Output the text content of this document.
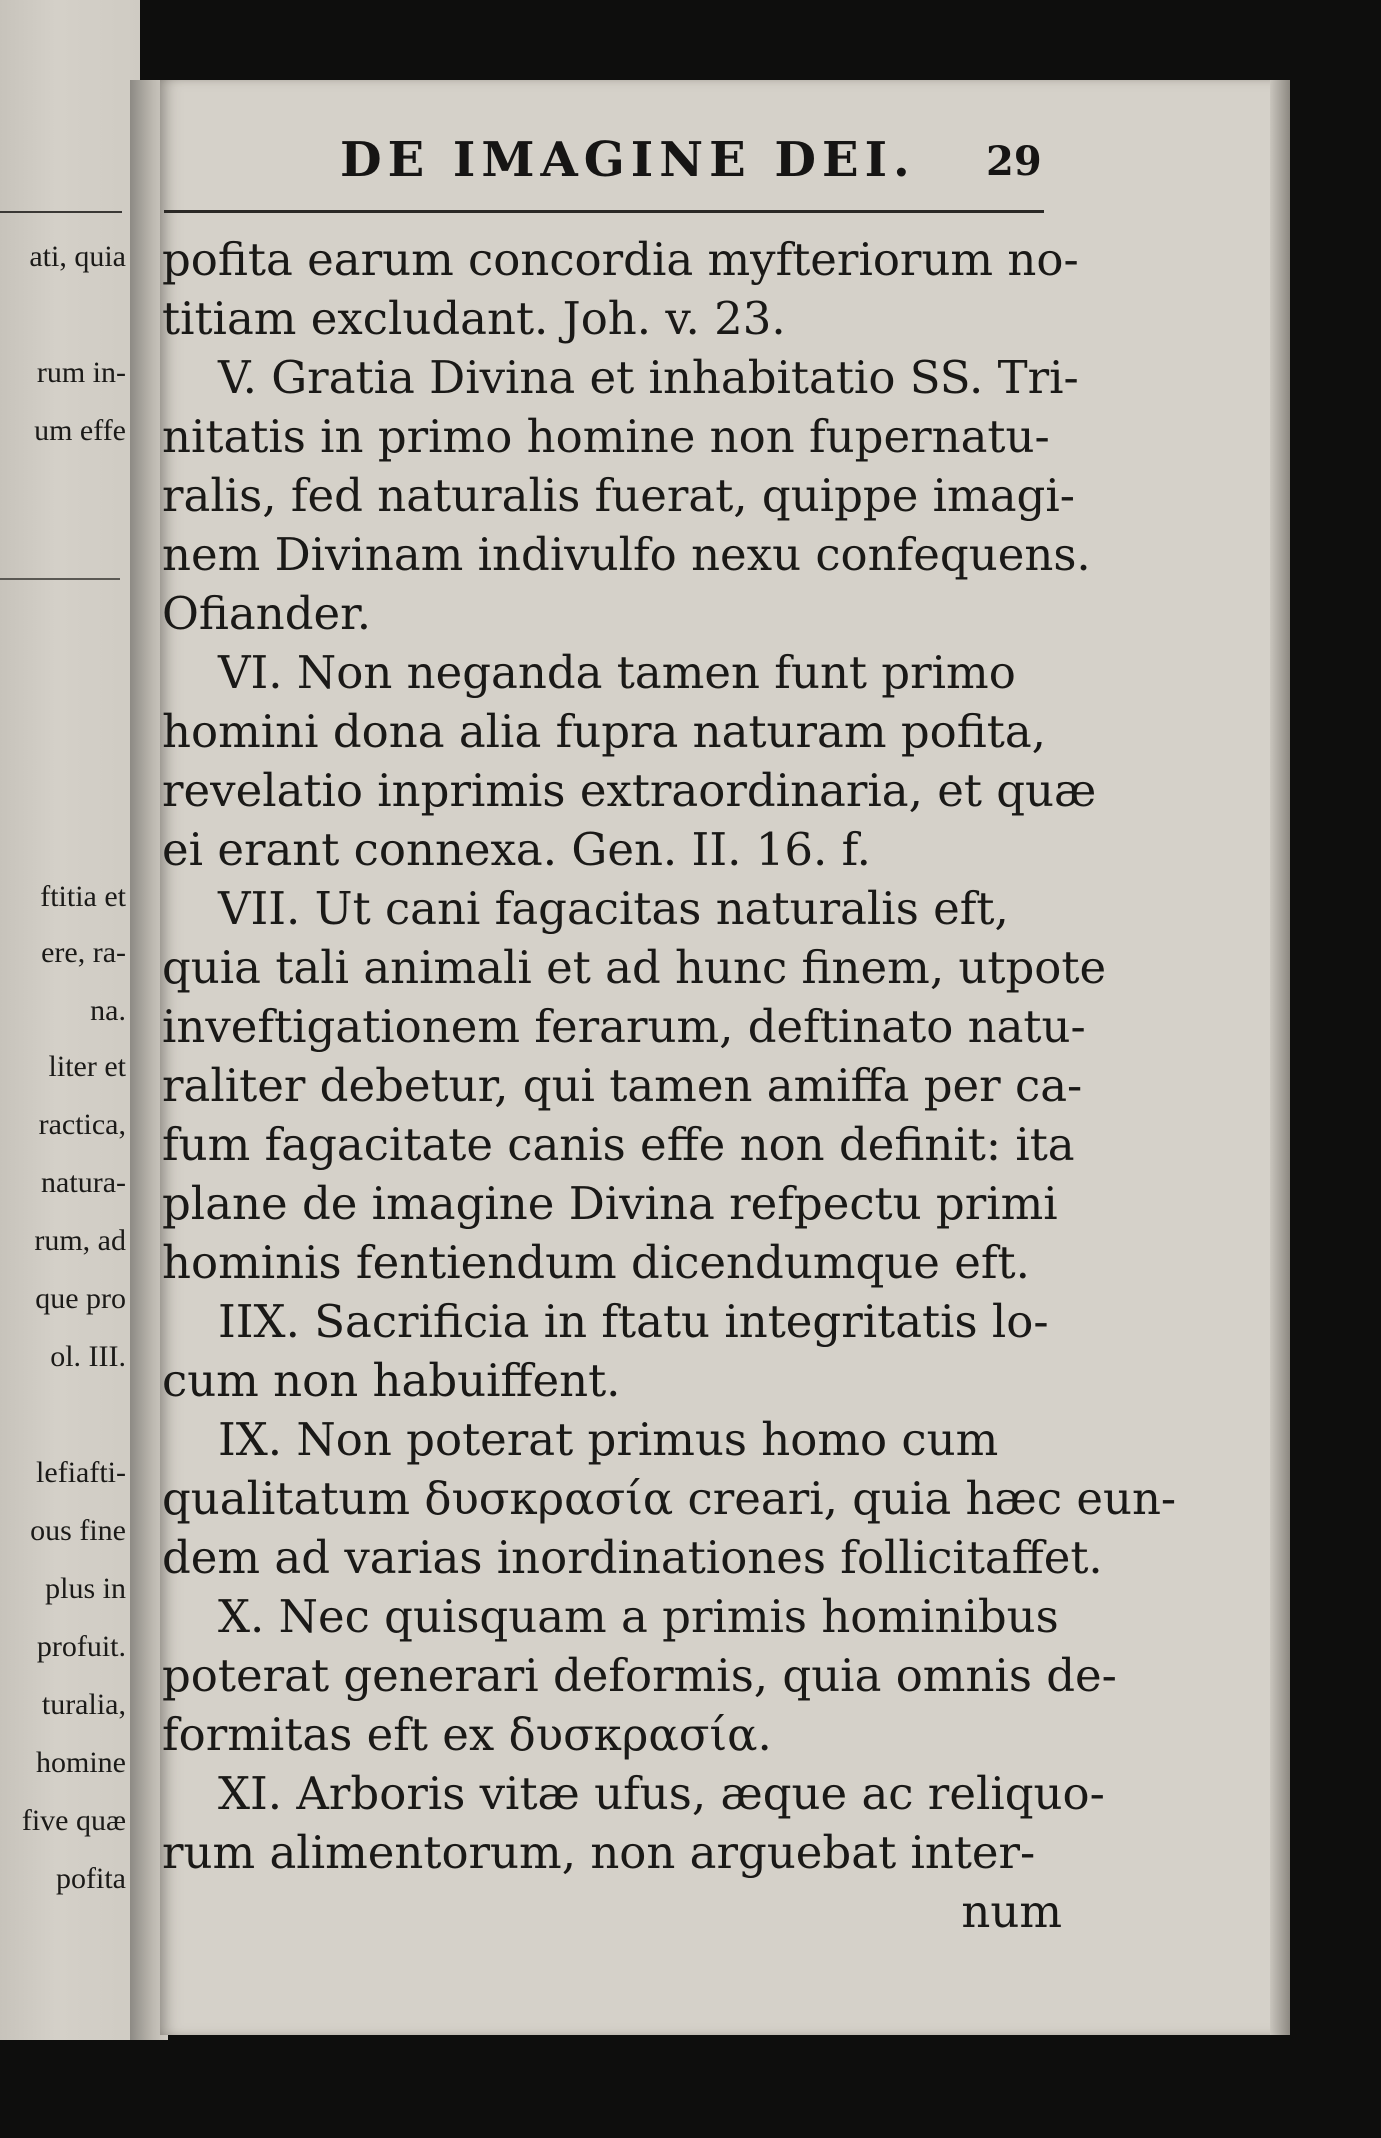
ati, quia
rum in-
um effe
ftitia et
ere, ra-
na.
liter et
ractica,
natura-
rum, ad
que pro
ol. III.
lefiafti-
ous fine
plus in
profuit.
turalia,
homine
five quæ
pofita
DE IMAGINE DEI. 29
pofita earum concordia myfteriorum no-
titiam excludant. Joh. v. 23.
V. Gratia Divina et inhabitatio SS. Tri-
nitatis in primo homine non fupernatu-
ralis, fed naturalis fuerat, quippe imagi-
nem Divinam indivulfo nexu confequens.
Ofiander.
VI. Non neganda tamen funt primo
homini dona alia fupra naturam pofita,
revelatio inprimis extraordinaria, et quæ
ei erant connexa. Gen. II. 16. f.
VII. Ut cani fagacitas naturalis eft,
quia tali animali et ad hunc finem, utpote
inveftigationem ferarum, deftinato natu-
raliter debetur, qui tamen amiffa per ca-
fum fagacitate canis effe non definit: ita
plane de imagine Divina refpectu primi
hominis fentiendum dicendumque eft.
IIX. Sacrificia in ftatu integritatis lo-
cum non habuiffent.
IX. Non poterat primus homo cum
qualitatum δυσκρασία creari, quia hæc eun-
dem ad varias inordinationes follicitaffet.
X. Nec quisquam a primis hominibus
poterat generari deformis, quia omnis de-
formitas eft ex δυσκρασία.
XI. Arboris vitæ ufus, æque ac reliquo-
rum alimentorum, non arguebat inter-
num
